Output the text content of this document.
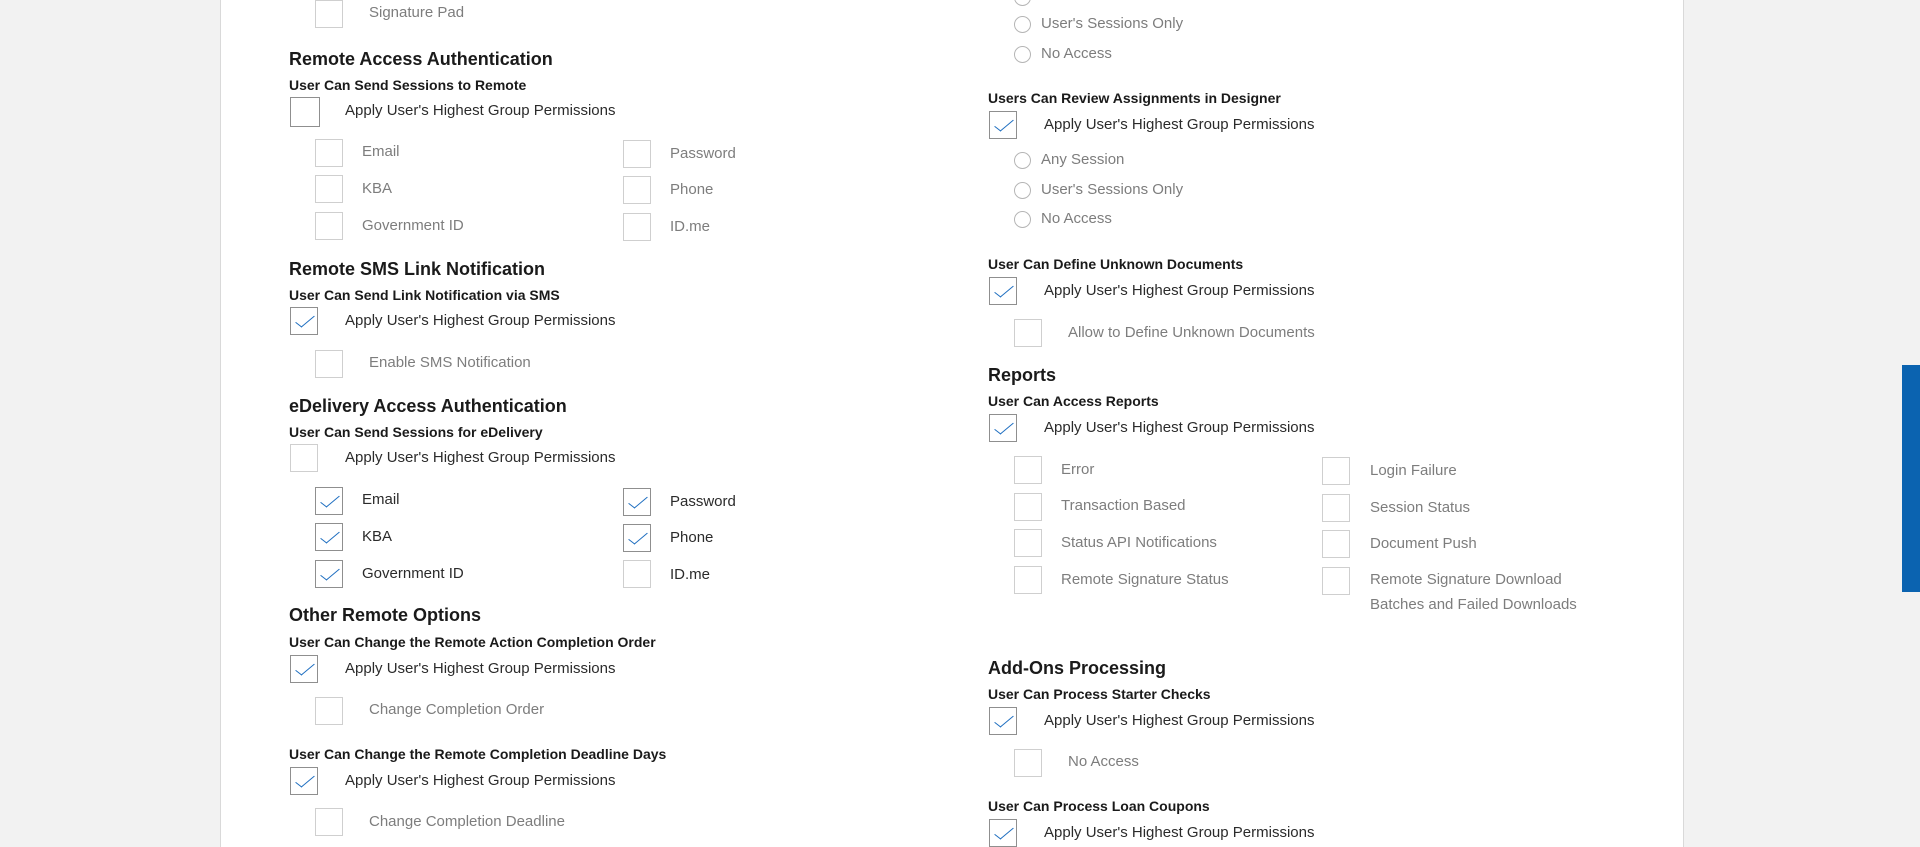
Signature Pad
Remote Access Authentication
User Can Send Sessions to Remote
Apply User's Highest Group Permissions
Email	Password
KBA	Phone
Government ID	ID.me
Remote SMS Link Notification
User Can Send Link Notification via SMS
Apply User's Highest Group Permissions
Enable SMS Notification
eDelivery Access Authentication
User Can Send Sessions for eDelivery
Apply User's Highest Group Permissions
Email	Password
KBA	Phone
Government ID	ID.me
Other Remote Options
User Can Change the Remote Action Completion Order
Apply User's Highest Group Permissions
Change Completion Order
User Can Change the Remote Completion Deadline Days
Apply User's Highest Group Permissions
Change Completion Deadline
User's Sessions Only
No Access
Users Can Review Assignments in Designer
Apply User's Highest Group Permissions
Any Session
User's Sessions Only
No Access
User Can Define Unknown Documents
Apply User's Highest Group Permissions
Allow to Define Unknown Documents
Reports
User Can Access Reports
Apply User's Highest Group Permissions
Error	Login Failure
Transaction Based	Session Status
Status API Notifications	Document Push
Remote Signature Status	Remote Signature Download Batches and Failed Downloads
Add-Ons Processing
User Can Process Starter Checks
Apply User's Highest Group Permissions
No Access
User Can Process Loan Coupons
Apply User's Highest Group Permissions
